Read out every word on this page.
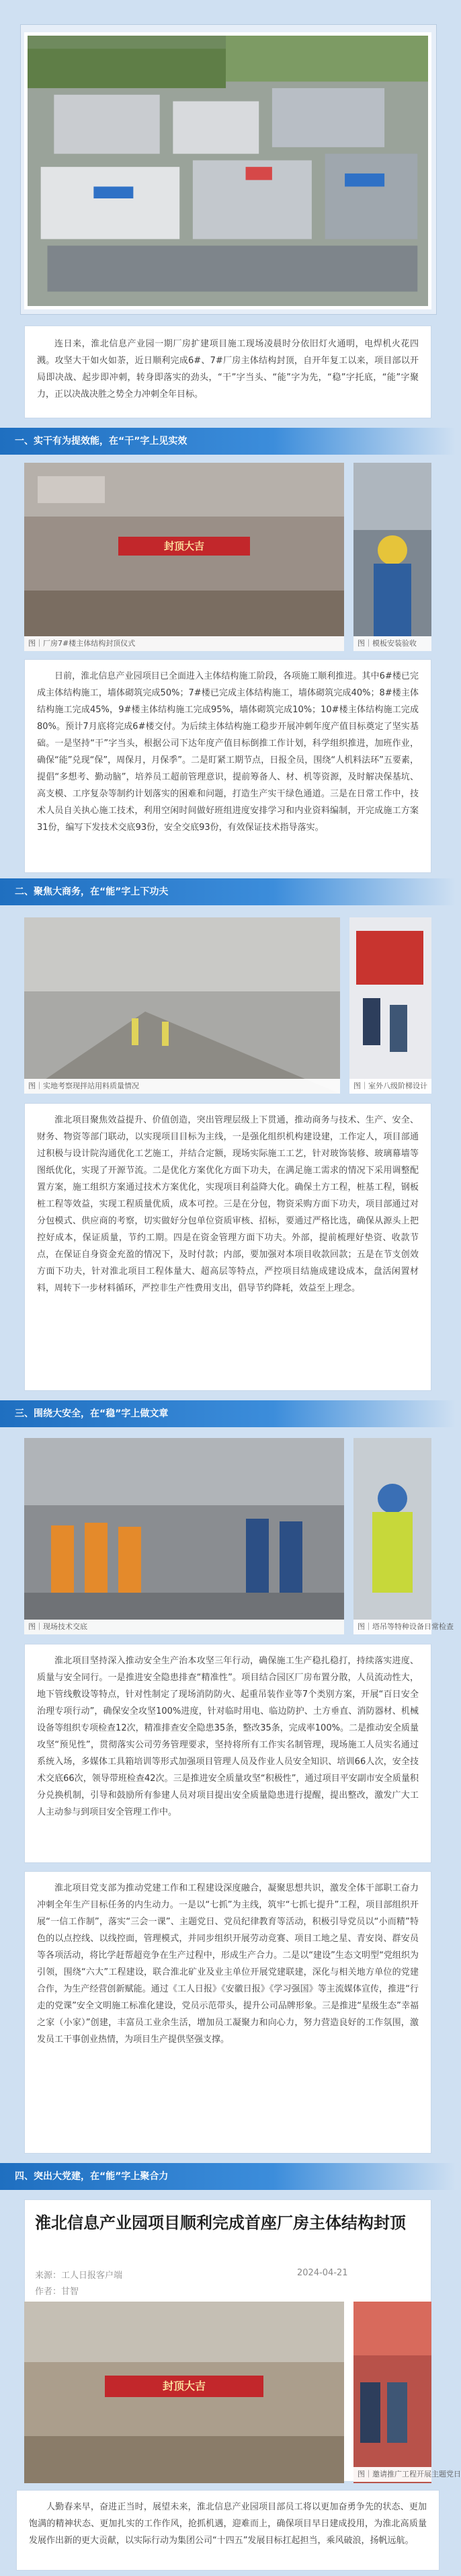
连日来，淮北信息产业园一期厂房扩建项目施工现场凌晨时分依旧灯火通明，电焊机火花四溅。攻坚大干如火如荼，近日顺利完成6#、7#厂房主体结构封顶，自开年复工以来，项目部以开局即决战、起步即冲刺，转身即落实的劲头，“干”字当头、“能”字为先，“稳”字托底，“能”字聚力，正以决战决胜之势全力冲刺全年目标。

一、实干有为提效能，在“干”字上见实效
封顶大吉
图｜厂房7#楼主体结构封顶仪式	图｜模板安装验收

日前，淮北信息产业园项目已全面进入主体结构施工阶段，各项施工顺利推进。其中6#楼已完成主体结构施工，墙体砌筑完成50%；7#楼已完成主体结构施工，墙体砌筑完成40%；8#楼主体结构施工完成45%，9#楼主体结构施工完成95%，墙体砌筑完成10%；10#楼主体结构施工完成80%。预计7月底将完成6#楼交付。为后续主体结构施工稳步开展冲刺年度产值目标奠定了坚实基础。一是坚持“干”字当头，根据公司下达年度产值目标倒推工作计划，科学组织推进，加班作业，确保“能”兑现“保”，周保月，月保季”。二是盯紧工期节点，日报全员，围绕“人机料法环”五要素，提倡“多想考、勤动脑”，培养员工超前管理意识，提前筹备人、材、机等资源，及时解决保基坑、高支模、工序复杂等制约计划落实的困难和问题，打造生产实干绿色通道。三是在日常工作中，技术人员自关执心施工技术，利用空闲时间做好班组进度安排学习和内业资料编制，开完成施工方案31份，编写下发技术交底93份，安全交底93份，有效保证技术指导落实。

二、聚焦大商务，在“能”字上下功夫
图｜实地考察现拌站用料质量情况	图｜室外八级阶梯设计

淮北项目聚焦效益提升、价值创造，突出管理层级上下贯通，推动商务与技术、生产、安全、财务、物资等部门联动，以实现项目目标为主线，一是强化组织机构建设建，工作定人，项目部通过积极与设计院沟通优化工艺施工，并结合定额，现场实际施工工艺，针对玻饰装修、玻璃幕墙等图纸优化，实现了开源节流。二是优化方案优化方面下功夫，在满足施工需求的情况下采用调整配置方案，施工组织方案通过技术方案优化，实现项目利益降大化。确保土方工程，桩基工程，钢板桩工程等效益，实现工程质量优质，成本可控。三是在分包，物资采购方面下功夫，项目部通过对分包模式、供应商的考察，切实做好分包单位资质审核、招标，要通过严格比选，确保从源头上把控好成本，保证质量，节约工期。四是在资金管理方面下功夫。外部，提前梳理好垫资、收款节点，在保证自身资金充盈的情况下，及时付款；内部，要加强对本项目收款回款；五是在节支创效方面下功夫，针对淮北项目工程体量大、超高层等特点，严控项目结施成建设成本，盘活闲置材料，周转下一步材料循环，严控非生产性费用支出，倡导节约降耗，效益至上理念。

三、围绕大安全，在“稳”字上做文章
图｜现场技术交底	图｜塔吊等特种设备日常检查

淮北项目坚持深入推动安全生产治本攻坚三年行动，确保施工生产稳扎稳打，持续落实进度、质量与安全同行。一是推进安全隐患排查“精准性”。项目结合园区厂房布置分散，人员流动性大，地下管线敷设等特点，针对性制定了现场消防防火、起重吊装作业等7个类别方案，开展“百日安全治理专项行动”，确保安全攻坚100%进度，针对临时用电、临边防护、土方垂直、消防器材、机械设备等组织专项检查12次，精准排查安全隐患35条，整改35条，完成率100%。二是推动安全质量攻坚“预见性”，贯彻落实公司劳务管理要求，坚持将所有工作实名制管理，现场施工人员实名通过系统入场，多媒体工具箱培训等形式加强项目管理人员及作业人员安全知识、培训66人次，安全技术交底66次，领导带班检查42次。三是推进安全质量攻坚“积极性”，通过项目平安副市安全质量积分兑换机制，引导和鼓励所有参建人员对项目提出安全质量隐患进行提醒，提出整改，激发广大工人主动参与到项目安全管理工作中。

四、突出大党建，在“能”字上聚合力
淮北信息产业园项目顺利完成首座厂房主体结构封顶
来源：工人日报客户端	2024-04-21
作者：甘智
封顶大吉
图｜邀请推广工程开展主题党日

淮北项目党支部为推动党建工作和工程建设深度融合，凝聚思想共识，激发全体干部职工奋力冲刺全年生产目标任务的内生动力。一是以“七抓”为主线，筑牢“七抓七提升”工程，项目部组织开展“一信工作制”，落实“三会一课”、主题党日、党员纪律教育等活动，积极引导党员以“小而精”特色的以点控线、以线控面，管理模式，并同步组织开展劳动竞赛、项目工地之星、青安岗、群安员等各项活动，将比学赶帮超竞争在生产过程中，形成生产合力。二是以“建设”生态文明型“党组织为引领，围绕“六大”工程建设，联合淮北矿业及业主单位开展党建联建，深化与相关地方单位的党建合作，为生产经营创新赋能。通过《工人日报》《安徽日报》《学习强国》等主流媒体宣传，推进“行走的党课”安全文明施工标准化建设，党员示范带头，提升公司品牌形象。三是推进“星级生态”幸福之家（小家）”创建，丰富员工业余生活，增加员工凝聚力和向心力，努力营造良好的工作氛围，激发员工干事创业热情，为项目生产提供坚强支撑。

人勤春来早，奋进正当时，展望未来，淮北信息产业园项目部员工将以更加奋勇争先的状态、更加饱满的精神状态、更加扎实的工作作风，抢抓机遇，迎难而上，确保项目早日建成投用，为淮北高质量发展作出新的更大贡献，以实际行动为集团公司“十四五”发展目标扛起担当，乘风破浪，扬帆远航。
